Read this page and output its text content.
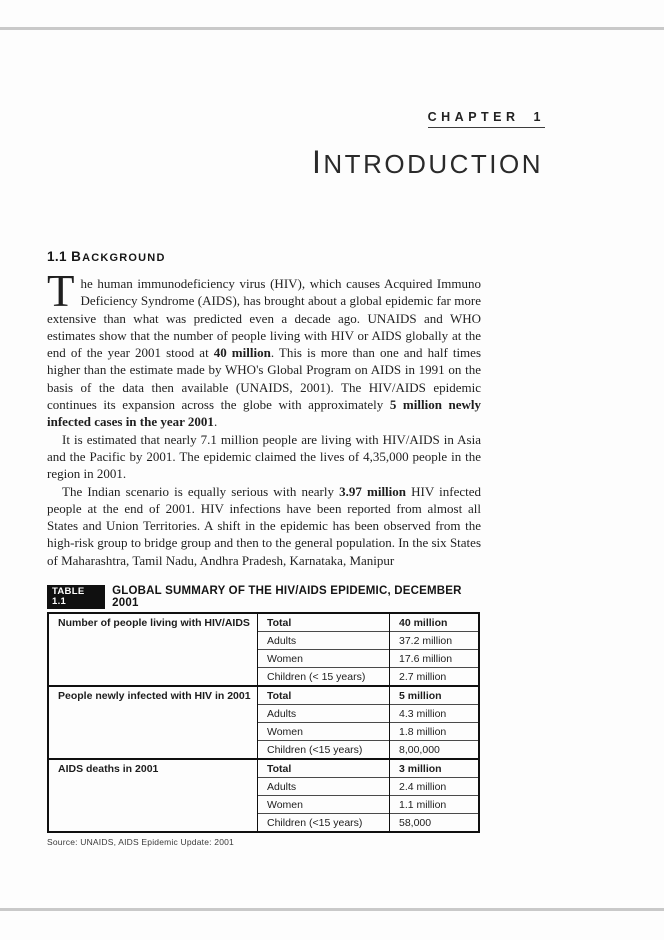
CHAPTER 1
INTRODUCTION
1.1 BACKGROUND

The human immunodeficiency virus (HIV), which causes Acquired Immuno Deficiency Syndrome (AIDS), has brought about a global epidemic far more extensive than what was predicted even a decade ago. UNAIDS and WHO estimates show that the number of people living with HIV or AIDS globally at the end of the year 2001 stood at 40 million. This is more than one and half times higher than the estimate made by WHO's Global Program on AIDS in 1991 on the basis of the data then available (UNAIDS, 2001). The HIV/AIDS epidemic continues its expansion across the globe with approximately 5 million newly infected cases in the year 2001.

It is estimated that nearly 7.1 million people are living with HIV/AIDS in Asia and the Pacific by 2001. The epidemic claimed the lives of 4,35,000 people in the region in 2001.

The Indian scenario is equally serious with nearly 3.97 million HIV infected people at the end of 2001. HIV infections have been reported from almost all States and Union Territories. A shift in the epidemic has been observed from the high-risk group to bridge group and then to the general population. In the six States of Maharashtra, Tamil Nadu, Andhra Pradesh, Karnataka, Manipur

TABLE 1.1
GLOBAL SUMMARY OF THE HIV/AIDS EPIDEMIC, DECEMBER 2001
Number of people living with HIV/AIDS	Total	40 million
	Adults	37.2 million
	Women	17.6 million
	Children (< 15 years)	2.7 million
People newly infected with HIV in 2001	Total	5 million
	Adults	4.3 million
	Women	1.8 million
	Children (<15 years)	8,00,000
AIDS deaths in 2001	Total	3 million
	Adults	2.4 million
	Women	1.1 million
	Children (<15 years)	58,000
Source: UNAIDS, AIDS Epidemic Update: 2001
